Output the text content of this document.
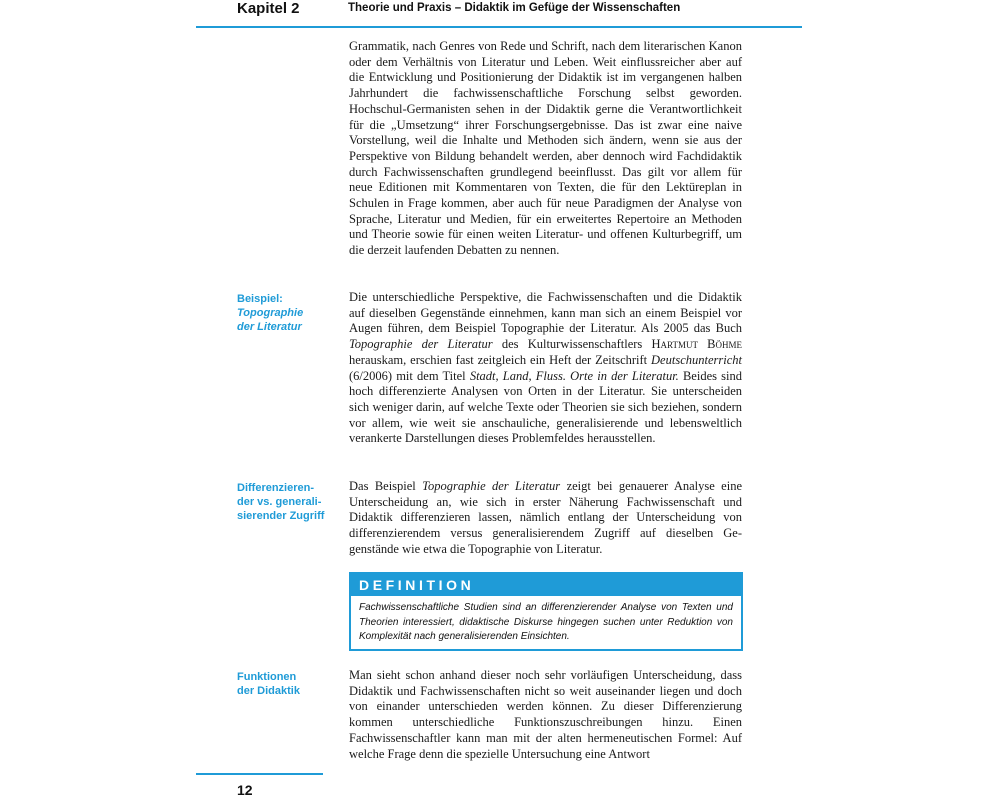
Kapitel 2	Theorie und Praxis – Didaktik im Gefüge der Wissenschaften

Grammatik, nach Genres von Rede und Schrift, nach dem literarischen Kanon oder dem Verhältnis von Literatur und Leben. Weit einflussreicher aber auf die Entwicklung und Positionierung der Didaktik ist im vergangenen halben Jahrhundert die fachwissenschaftliche Forschung selbst geworden. Hochschul-Germanisten sehen in der Didaktik gerne die Verantwortlichkeit für die „Umsetzung“ ihrer Forschungsergebnisse. Das ist zwar eine naive Vorstellung, weil die Inhalte und Methoden sich ändern, wenn sie aus der Perspektive von Bildung behandelt werden, aber dennoch wird Fachdidaktik durch Fachwissenschaften grundlegend beeinflusst. Das gilt vor allem für neue Editionen mit Kommentaren von Texten, die für den Lektüreplan in Schulen in Frage kommen, aber auch für neue Paradigmen der Analyse von Sprache, Literatur und Medien, für ein erweitertes Repertoire an Methoden und Theorie sowie für einen weiten Literatur- und offenen Kulturbegriff, um die derzeit laufenden Debatten zu nennen.

Beispiel:
Topographie
der Literatur

Die unterschiedliche Perspektive, die Fachwissenschaften und die Didaktik auf dieselben Gegenstände einnehmen, kann man sich an einem Beispiel vor Augen führen, dem Beispiel Topographie der Literatur. Als 2005 das Buch Topographie der Literatur des Kulturwissenschaftlers Hartmut Böhme herauskam, erschien fast zeitgleich ein Heft der Zeitschrift Deutschunterricht (6/2006) mit dem Titel Stadt, Land, Fluss. Orte in der Literatur. Beides sind hoch differenzierte Analysen von Orten in der Literatur. Sie unterscheiden sich weniger darin, auf welche Texte oder Theorien sie sich beziehen, sondern vor allem, wie weit sie anschauliche, generalisierende und lebensweltlich verankerte Darstellungen dieses Problemfeldes herausstellen.

Differenzieren-
der vs. generali-
sierender Zugriff

Das Beispiel Topographie der Literatur zeigt bei genauerer Analyse eine Unterscheidung an, wie sich in erster Näherung Fachwissenschaft und Didaktik differenzieren lassen, nämlich entlang der Unterscheidung von differenzierendem versus generalisierendem Zugriff auf dieselben Gegenstände wie etwa die Topographie von Literatur.

DEFINITION
Fachwissenschaftliche Studien sind an differenzierender Analyse von Texten und Theorien interessiert, didaktische Diskurse hingegen suchen unter Reduktion von Komplexität nach generalisierenden Einsichten.
Funktionen
der Didaktik

Man sieht schon anhand dieser noch sehr vorläufigen Unterscheidung, dass Didaktik und Fachwissenschaften nicht so weit auseinander liegen und doch von einander unterschieden werden können. Zu dieser Differenzierung kommen unterschiedliche Funktionszuschreibungen hinzu. Einen Fachwissenschaftler kann man mit der alten hermeneutischen Formel: Auf welche Frage denn die spezielle Untersuchung eine Antwort

12
